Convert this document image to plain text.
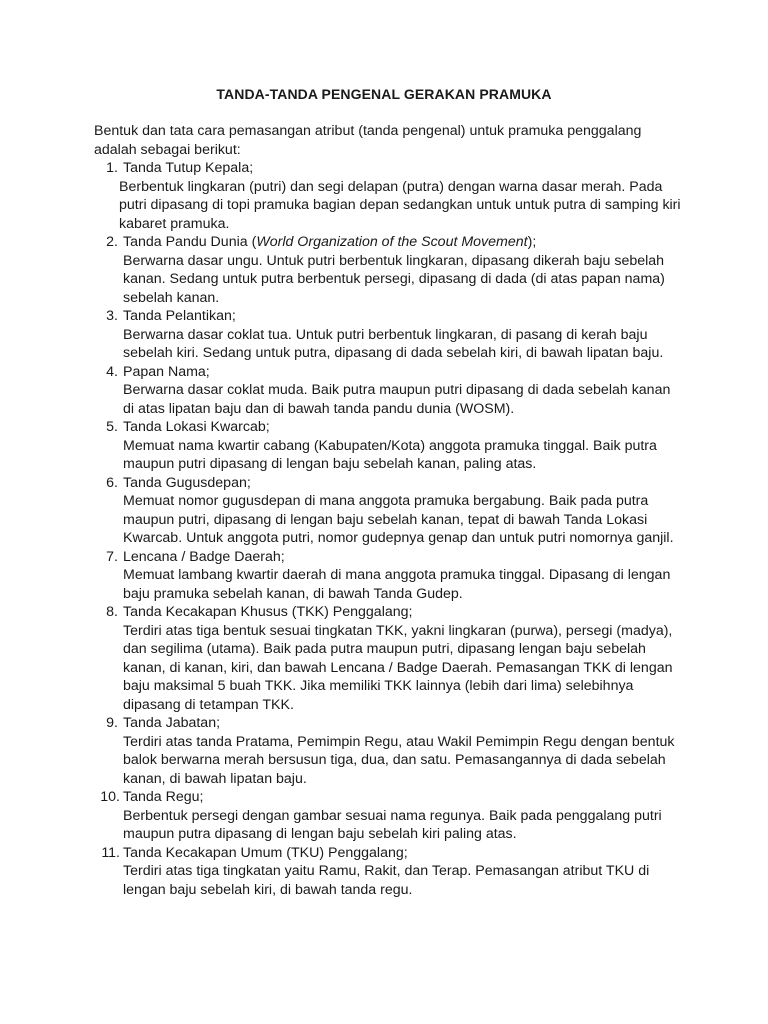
TANDA-TANDA PENGENAL GERAKAN PRAMUKA
Bentuk dan tata cara pemasangan atribut (tanda pengenal) untuk pramuka penggalang adalah sebagai berikut:
1. Tanda Tutup Kepala;
Berbentuk lingkaran (putri) dan segi delapan (putra) dengan warna dasar merah. Pada putri dipasang di topi pramuka bagian depan sedangkan untuk untuk putra di samping kiri kabaret pramuka.
2. Tanda Pandu Dunia (World Organization of the Scout Movement);
Berwarna dasar ungu. Untuk putri berbentuk lingkaran, dipasang dikerah baju sebelah kanan. Sedang untuk putra berbentuk persegi, dipasang di dada (di atas papan nama) sebelah kanan.
3. Tanda Pelantikan;
Berwarna dasar coklat tua. Untuk putri berbentuk lingkaran, di pasang di kerah baju sebelah kiri. Sedang untuk putra, dipasang di dada sebelah kiri, di bawah lipatan baju.
4. Papan Nama;
Berwarna dasar coklat muda. Baik putra maupun putri dipasang di dada sebelah kanan di atas lipatan baju dan di bawah tanda pandu dunia (WOSM).
5. Tanda Lokasi Kwarcab;
Memuat nama kwartir cabang (Kabupaten/Kota) anggota pramuka tinggal. Baik putra maupun putri dipasang di lengan baju sebelah kanan, paling atas.
6. Tanda Gugusdepan;
Memuat nomor gugusdepan di mana anggota pramuka bergabung. Baik pada putra maupun putri, dipasang di lengan baju sebelah kanan, tepat di bawah Tanda Lokasi Kwarcab. Untuk anggota putri, nomor gudepnya genap dan untuk putri nomornya ganjil.
7. Lencana / Badge Daerah;
Memuat lambang kwartir daerah di mana anggota pramuka tinggal. Dipasang di lengan baju pramuka sebelah kanan, di bawah Tanda Gudep.
8. Tanda Kecakapan Khusus (TKK) Penggalang;
Terdiri atas tiga bentuk sesuai tingkatan TKK, yakni lingkaran (purwa), persegi (madya), dan segilima (utama). Baik pada putra maupun putri, dipasang lengan baju sebelah kanan, di kanan, kiri, dan bawah Lencana / Badge Daerah. Pemasangan TKK di lengan baju maksimal 5 buah TKK. Jika memiliki TKK lainnya (lebih dari lima) selebihnya dipasang di tetampan TKK.
9. Tanda Jabatan;
Terdiri atas tanda Pratama, Pemimpin Regu, atau Wakil Pemimpin Regu dengan bentuk balok berwarna merah bersusun tiga, dua, dan satu. Pemasangannya di dada sebelah kanan, di bawah lipatan baju.
10. Tanda Regu;
Berbentuk persegi dengan gambar sesuai nama regunya. Baik pada penggalang putri maupun putra dipasang di lengan baju sebelah kiri paling atas.
11. Tanda Kecakapan Umum (TKU) Penggalang;
Terdiri atas tiga tingkatan yaitu Ramu, Rakit, dan Terap. Pemasangan atribut TKU di lengan baju sebelah kiri, di bawah tanda regu.
